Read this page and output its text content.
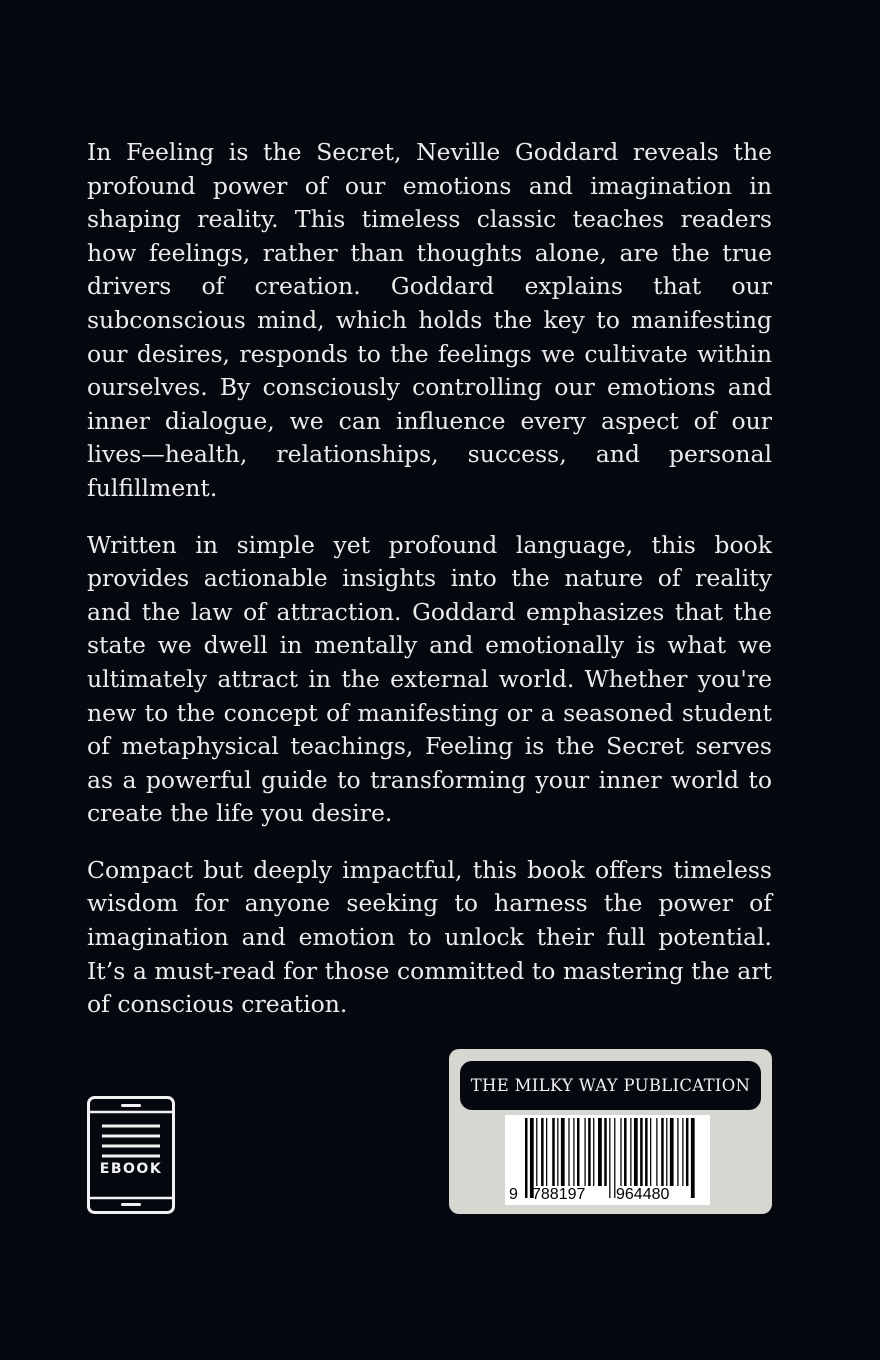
In Feeling is the Secret, Neville Goddard reveals the profound power of our emotions and imagination in shaping reality. This timeless classic teaches readers how feelings, rather than thoughts alone, are the true drivers of creation. Goddard explains that our subconscious mind, which holds the key to manifesting our desires, responds to the feelings we cultivate within ourselves. By consciously controlling our emotions and inner dialogue, we can influence every aspect of our lives—health, relationships, success, and personal fulfillment.

Written in simple yet profound language, this book provides actionable insights into the nature of reality and the law of attraction. Goddard emphasizes that the state we dwell in mentally and emotionally is what we ultimately attract in the external world. Whether you're new to the concept of manifesting or a seasoned student of metaphysical teachings, Feeling is the Secret serves as a powerful guide to transforming your inner world to create the life you desire.

Compact but deeply impactful, this book offers timeless wisdom for anyone seeking to harness the power of imagination and emotion to unlock their full potential. It’s a must-read for those committed to mastering the art of conscious creation.

EBOOK
THE MILKY WAY PUBLICATION
9 788197 964480
